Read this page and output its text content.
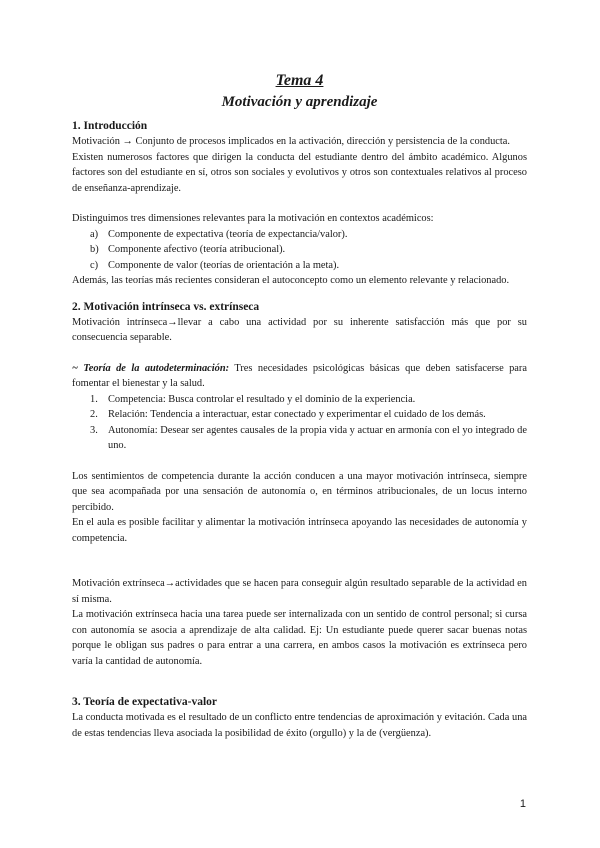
Tema 4

Motivación y aprendizaje

1. Introducción

Motivación → Conjunto de procesos implicados en la activación, dirección y persistencia de la conducta.

Existen numerosos factores que dirigen la conducta del estudiante dentro del ámbito académico. Algunos factores son del estudiante en sí, otros son sociales y evolutivos y otros son contextuales relativos al proceso de enseñanza-aprendizaje.

Distinguimos tres dimensiones relevantes para la motivación en contextos académicos:

a) Componente de expectativa (teoría de expectancia/valor).
b) Componente afectivo (teoría atribucional).
c) Componente de valor (teorías de orientación a la meta).

Además, las teorías más recientes consideran el autoconcepto como un elemento relevante y relacionado.

2. Motivación intrínseca vs. extrínseca

Motivación intrínseca→llevar a cabo una actividad por su inherente satisfacción más que por su consecuencia separable.

~ Teoría de la autodeterminación: Tres necesidades psicológicas básicas que deben satisfacerse para fomentar el bienestar y la salud.

1. Competencia: Busca controlar el resultado y el dominio de la experiencia.
2. Relación: Tendencia a interactuar, estar conectado y experimentar el cuidado de los demás.
3. Autonomía: Desear ser agentes causales de la propia vida y actuar en armonía con el yo integrado de uno.

Los sentimientos de competencia durante la acción conducen a una mayor motivación intrínseca, siempre que sea acompañada por una sensación de autonomía o, en términos atribucionales, de un locus interno percibido.

En el aula es posible facilitar y alimentar la motivación intrínseca apoyando las necesidades de autonomía y competencia.

Motivación extrínseca→actividades que se hacen para conseguir algún resultado separable de la actividad en sí misma.

La motivación extrínseca hacia una tarea puede ser internalizada con un sentido de control personal; si cursa con autonomía se asocia a aprendizaje de alta calidad. Ej: Un estudiante puede querer sacar buenas notas porque le obligan sus padres o para entrar a una carrera, en ambos casos la motivación es extrínseca pero varía la cantidad de autonomía.

3. Teoría de expectativa-valor

La conducta motivada es el resultado de un conflicto entre tendencias de aproximación y evitación. Cada una de estas tendencias lleva asociada la posibilidad de éxito (orgullo) y la de (vergüenza).

1
